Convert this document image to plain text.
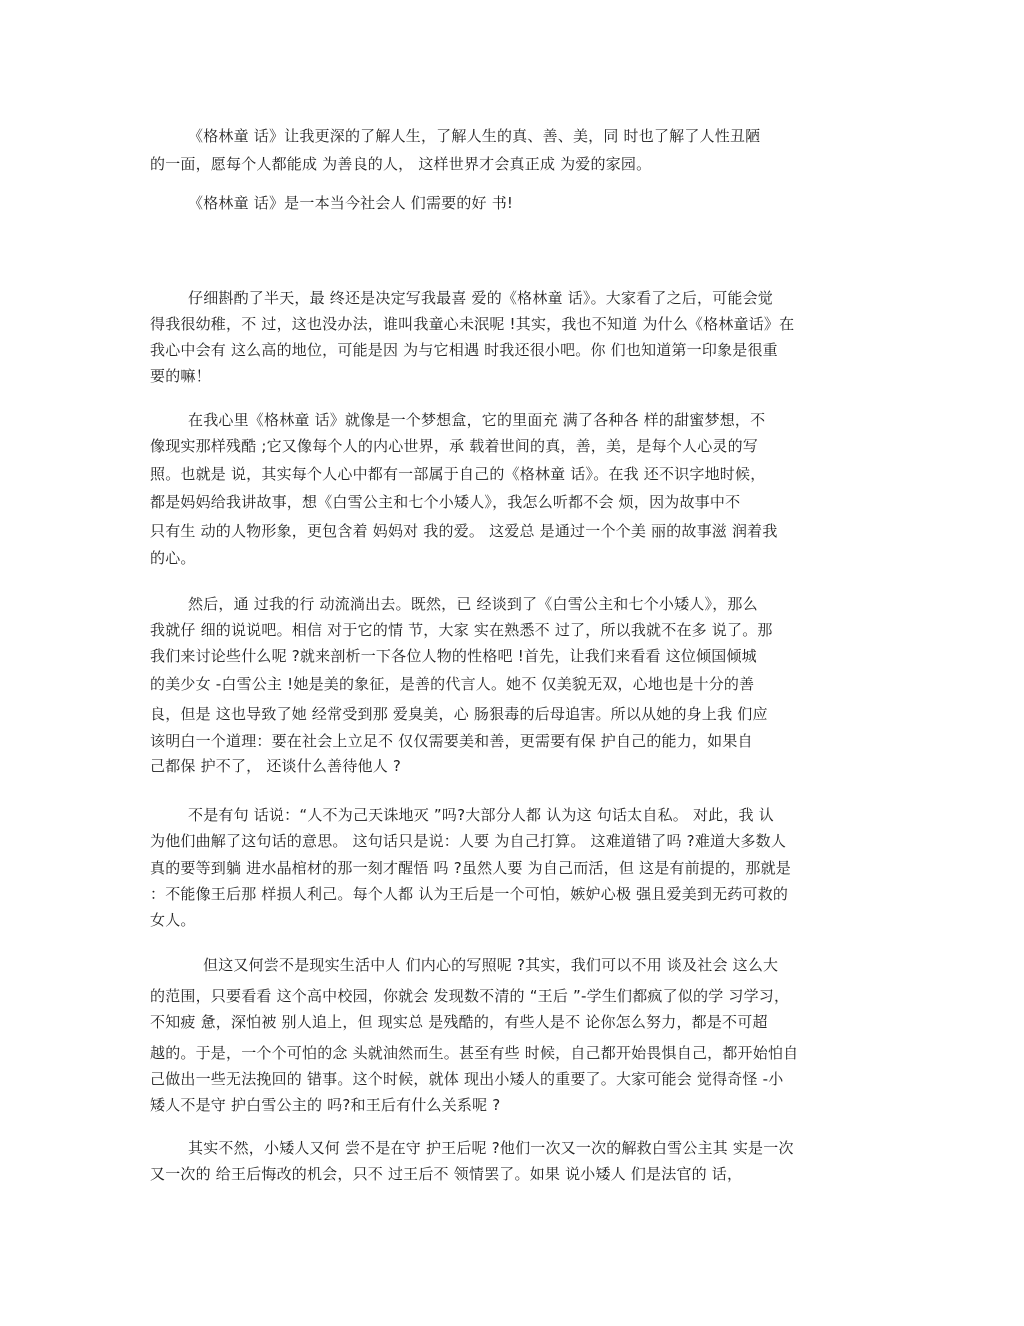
《格林童 话》让我更深的了解人生，了解人生的真、善、美，同 时也了解了人性丑陋
的一面，愿每个人都能成 为善良的人， 这样世界才会真正成 为爱的家园。
《格林童 话》是一本当今社会人 们需要的好 书!
仔细斟酌了半天，最 终还是决定写我最喜 爱的《格林童 话》。大家看了之后，可能会觉
得我很幼稚，不 过，这也没办法，谁叫我童心未泯呢 !其实，我也不知道 为什么《格林童话》在
我心中会有 这么高的地位，可能是因 为与它相遇 时我还很小吧。你 们也知道第一印象是很重
要的嘛！
在我心里《格林童 话》就像是一个梦想盒，它的里面充 满了各种各 样的甜蜜梦想，不
像现实那样残酷 ;它又像每个人的内心世界，承 载着世间的真，善，美，是每个人心灵的写
照。也就是 说，其实每个人心中都有一部属于自己的《格林童 话》。在我 还不识字地时候，
都是妈妈给我讲故事，想《白雪公主和七个小矮人》，我怎么听都不会 烦，因为故事中不
只有生 动的人物形象，更包含着 妈妈对 我的爱。 这爱总 是通过一个个美 丽的故事滋 润着我
的心。
然后，通 过我的行 动流淌出去。既然，已 经谈到了《白雪公主和七个小矮人》，那么
我就仔 细的说说吧。相信 对于它的情 节，大家 实在熟悉不 过了，所以我就不在多 说了。那
我们来讨论些什么呢 ?就来剖析一下各位人物的性格吧 !首先，让我们来看看 这位倾国倾城
的美少女 -白雪公主 !她是美的象征，是善的代言人。她不 仅美貌无双，心地也是十分的善
良，但是 这也导致了她 经常受到那 爱臭美，心 肠狠毒的后母追害。所以从她的身上我 们应
该明白一个道理：要在社会上立足不 仅仅需要美和善，更需要有保 护自己的能力，如果自
己都保 护不了， 还谈什么善待他人 ?
不是有句 话说：“人不为己天诛地灭 ”吗?大部分人都 认为这 句话太自私。 对此，我 认
为他们曲解了这句话的意思。 这句话只是说：人要 为自己打算。 这难道错了吗 ?难道大多数人
真的要等到躺 进水晶棺材的那一刻才醒悟 吗 ?虽然人要 为自己而活，但 这是有前提的，那就是
：不能像王后那 样损人利己。每个人都 认为王后是一个可怕，嫉妒心极 强且爱美到无药可救的
女人。
但这又何尝不是现实生活中人 们内心的写照呢 ?其实，我们可以不用 谈及社会 这么大
的范围，只要看看 这个高中校园，你就会 发现数不清的 “王后 ”-学生们都疯了似的学 习学习，
不知疲 惫，深怕被 别人追上，但 现实总 是残酷的，有些人是不 论你怎么努力，都是不可超
越的。于是，一个个可怕的念 头就油然而生。甚至有些 时候，自己都开始畏惧自己，都开始怕自
己做出一些无法挽回的 错事。这个时候，就体 现出小矮人的重要了。大家可能会 觉得奇怪 -小
矮人不是守 护白雪公主的 吗?和王后有什么关系呢 ?
其实不然，小矮人又何 尝不是在守 护王后呢 ?他们一次又一次的解救白雪公主其 实是一次
又一次的 给王后悔改的机会，只不 过王后不 领情罢了。如果 说小矮人 们是法官的 话，
